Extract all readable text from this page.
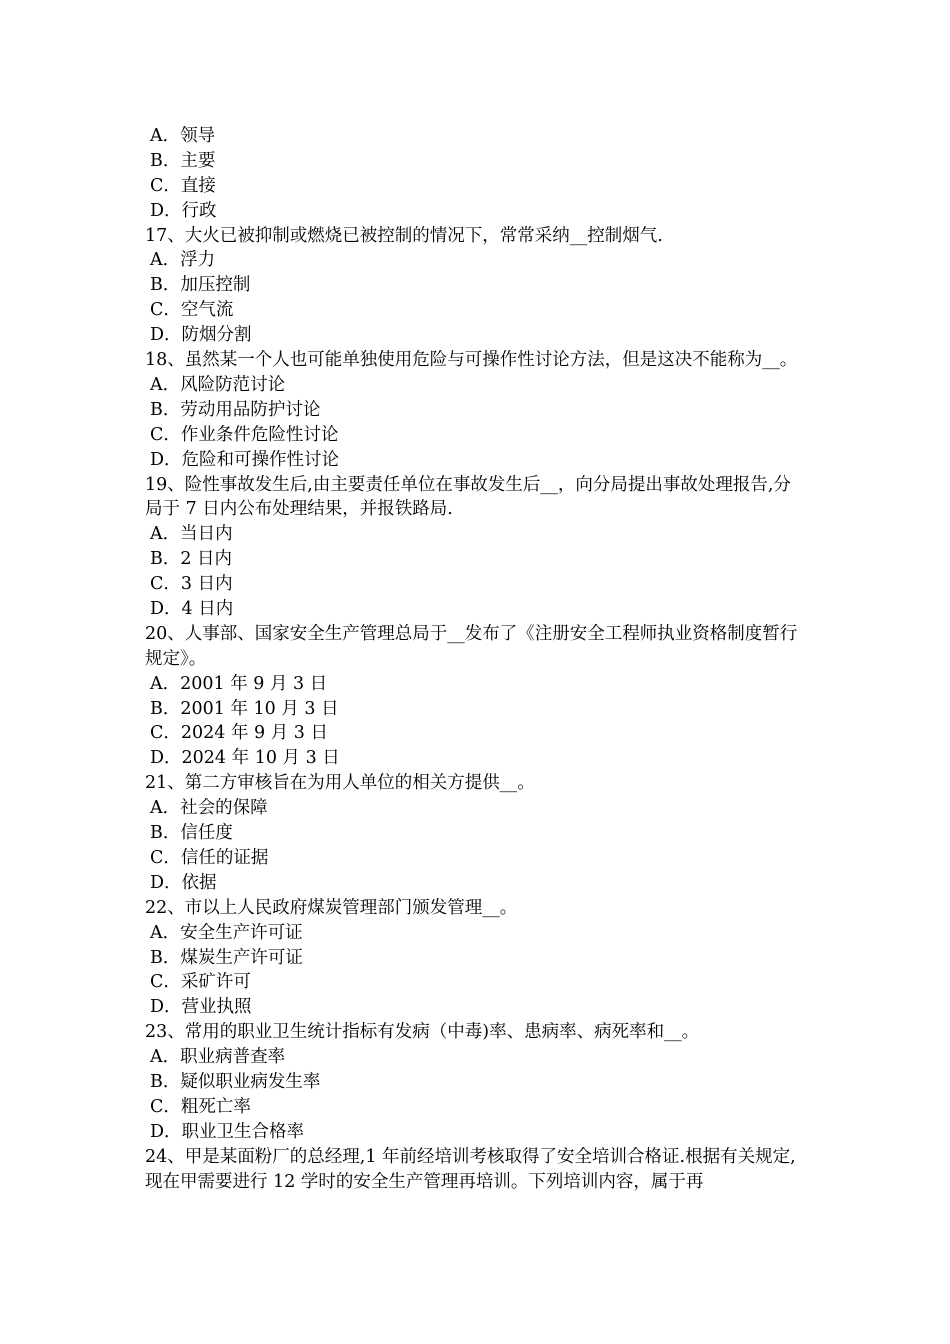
A．领导
B．主要
C．直接
D．行政
17、大火已被抑制或燃烧已被控制的情况下，常常采纳__控制烟气.
A．浮力
B．加压控制
C．空气流
D．防烟分割
18、虽然某一个人也可能单独使用危险与可操作性讨论方法，但是这决不能称为__。
A．风险防范讨论
B．劳动用品防护讨论
C．作业条件危险性讨论
D．危险和可操作性讨论
19、险性事故发生后,由主要责任单位在事故发生后__，向分局提出事故处理报告,分局于 7 日内公布处理结果，并报铁路局.
A．当日内
B．2 日内
C．3 日内
D．4 日内
20、人事部、国家安全生产管理总局于__发布了《注册安全工程师执业资格制度暂行规定》。
A．2001 年 9 月 3 日
B．2001 年 10 月 3 日
C．2024 年 9 月 3 日
D．2024 年 10 月 3 日
21、第二方审核旨在为用人单位的相关方提供__。
A．社会的保障
B．信任度
C．信任的证据
D．依据
22、市以上人民政府煤炭管理部门颁发管理__。
A．安全生产许可证
B．煤炭生产许可证
C．采矿许可
D．营业执照
23、常用的职业卫生统计指标有发病（中毒)率、患病率、病死率和__。
A．职业病普查率
B．疑似职业病发生率
C．粗死亡率
D．职业卫生合格率
24、甲是某面粉厂的总经理,1 年前经培训考核取得了安全培训合格证.根据有关规定,现在甲需要进行 12 学时的安全生产管理再培训。下列培训内容，属于再
